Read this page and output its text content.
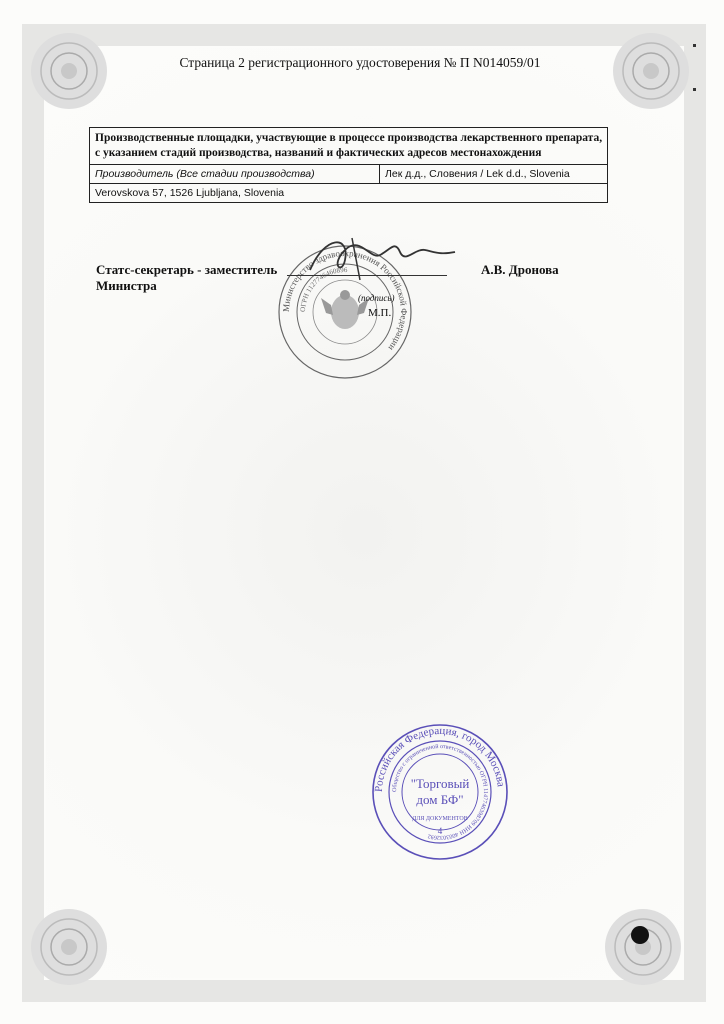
Страница 2 регистрационного удостоверения № П N014059/01
Производственные площадки, участвующие в процессе производства лекарственного препарата, с указанием стадий производства, названий и фактических адресов местонахождения
Производитель (Все стадии производства)	Лек д.д., Словения / Lek d.d., Slovenia
Verovskova 57, 1526 Ljubljana, Slovenia
Министерство здравоохранения Российской Федерации
ОГРН 1127746460896
Статс-секретарь - заместитель Министра
А.В. Дронова
(подпись)
М.П.
Российская Федерация, город Москва
Общество с ограниченной ответственностью ОГРН 1147746398709 ИНН 4003032692
"Торговый
дом БФ"
ДЛЯ ДОКУМЕНТОВ
4
